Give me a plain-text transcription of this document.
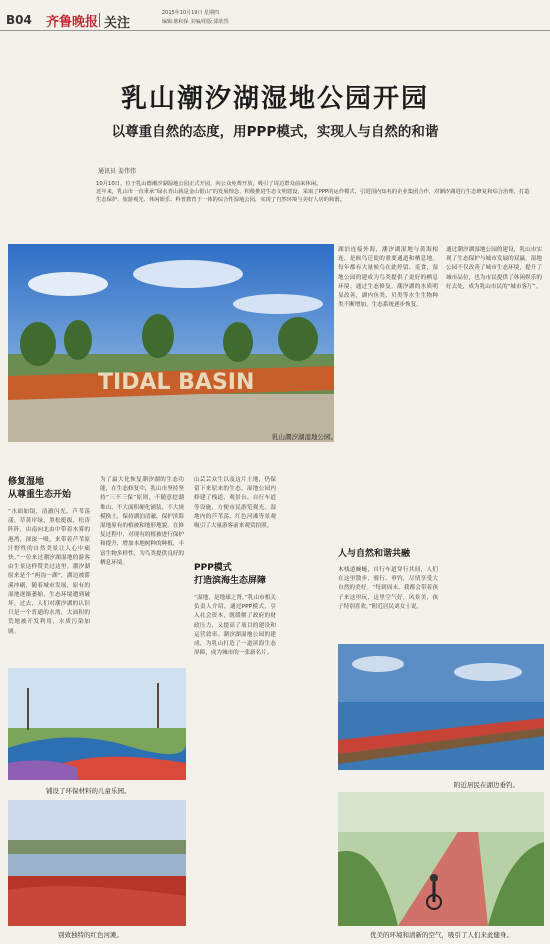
B04 齐鲁晚报 关注
2015年10月19日 星期四
编辑:陈积保 美编/组版:邵欣然
乳山潮汐湖湿地公园开园
以尊重自然的态度，用PPP模式，实现人与自然的和谐
通讯员 姜伟伟

10月10日，位于乳山德潮汐湖湿地公园正式开园，向公众免费开放，吸引了周边群众前来休闲。

近年来，乳山市一直秉承“绿水青山就是金山银山”的发展理念，积极推进生态文明建设，采取了PPP的运作模式，引进国内知名的企业集团合作，对潮汐湖进行生态修复和综合治理，打造生态保护、旅游观光、休闲娱乐、科普教育于一体的综合性湿地公园，实现了自然环境与美好人居的和谐。

TIDAL BASIN
乳山潮汐湖湿地公园。
修复湿地
从尊重生态开始
“水面如镜，清澈闪光，芦苇荡漾，草黄岸绿，黑松挺拔，松涛阵阵，由南向北由中带着水雾的港湾，深深一吸，来带着芦苇原汁野性的自然美景让人心中痛快。”一位来过潮汐湖湿地的游客由生景这样赞美过这里。潮汐湖原来是个“两沟一湖”，湖边被滞溪冲刷，随着城市发展，原有的湿地逐渐萎缩，生态环境遭到破坏。过去，人们对潮汐湖的认识只是一个普通的水湾，大面积的荒地被开发利用，水质污染加剧。
为了最大化恢复潮汐湖的生态功能，在生态修复中，乳山市坚持坚持“三不三保”原则，不随意挖湖堆山、不大面积硬化铺装、不大规模换土，保持湖泊清澈，保护滨海湿地原有的植被和地形地貌。在修复过程中，对现有的植被进行保护和提升，增加本地树种的种植，丰富生物多样性，为鸟类提供良好的栖息环境。
山芸芸众生以及这片土地，仍保留下来原来的生态。湿地公园内修建了栈道、观景台、自行车道等设施，方便市民游览观光。湿地内的芦苇荡、红色河滩等景观吸引了大量游客前来观赏拍照。
PPP模式
打造滨海生态屏障
“湿地，是地球之肾。”乳山市相关负责人介绍，通过PPP模式，引入社会资本，既缓解了政府的财政压力，又提高了项目的建设和运营效率。潮汐湖湿地公园的建成，为乳山打造了一道滨海生态屏障，成为城市的一张新名片。
湖泊连接外海，潮汐湖湿地与黄海相连，是候鸟迁徙的重要通道和栖息地。每年都有大量候鸟在此停留、觅食，湿地公园的建成为鸟类提供了更好的栖息环境。通过生态修复，潮汐湖的水质明显改善，湖内鱼类、贝类等水生生物种类不断增加，生态系统逐步恢复。
人与自然和谐共融
木栈道蜿蜒，自行车道穿行其间，人们在这里散步、骑行、垂钓，尽情享受大自然的美好。“每到周末，我都会带着孩子来这里玩，这里空气好，风景美，孩子特别喜欢。”附近居民刘女士说。
通过潮汐湖湿地公园的建设，乳山市实现了生态保护与城市发展的双赢。湿地公园不仅改善了城市生态环境，提升了城市品位，也为市民提供了休闲娱乐的好去处，成为乳山市民的“城市客厅”。
铺设了环保材料的儿童乐园。
别致独特的红色河滩。
附近居民在湖边垂钓。
优美的环境和清新的空气，吸引了人们来此健身。
